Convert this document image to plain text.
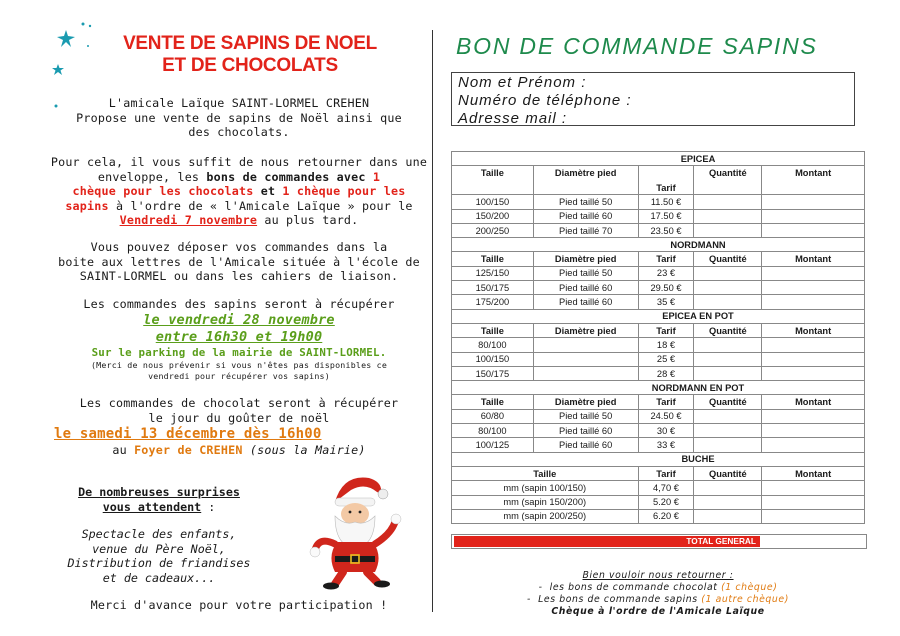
VENTE DE SAPINS DE NOEL
ET DE CHOCOLATS
L'amicale Laïque SAINT-LORMEL CREHEN
Propose une vente de sapins de Noël ainsi que
des chocolats.
Pour cela, il vous suffit de nous retourner dans une
enveloppe, les bons de commandes avec 1
chèque pour les chocolats et 1 chèque pour les
sapins à l'ordre de « l'Amicale Laïque » pour le
Vendredi 7 novembre au plus tard.
Vous pouvez déposer vos commandes dans la
boite aux lettres de l'Amicale située à l'école de
SAINT-LORMEL ou dans les cahiers de liaison.
Les commandes des sapins seront à récupérer
le vendredi 28 novembre
entre 16h30 et 19h00
Sur le parking de la mairie de SAINT-LORMEL.
(Merci de nous prévenir si vous n'êtes pas disponibles ce
vendredi pour récupérer vos sapins)
Les commandes de chocolat seront à récupérer
le jour du goûter de noël
le samedi 13 décembre dès 16h00
au Foyer de CREHEN (sous la Mairie)
De nombreuses surprises
vous attendent :
Spectacle des enfants,
venue du Père Noël,
Distribution de friandises
et de cadeaux...
Merci d'avance pour votre participation !
BON DE COMMANDE SAPINS
Nom et Prénom :
Numéro de téléphone :
Adresse mail :
EPICEA				
Taille	Diamètre pied	Tarif	Quantité	Montant
100/150	Pied taillé 50	11.50 €		
150/200	Pied taillé 60	17.50 €		
200/250	Pied taillé 70	23.50 €		
NORDMANN				
Taille	Diamètre pied	Tarif	Quantité	Montant
125/150	Pied taillé 50	23 €		
150/175	Pied taillé 60	29.50 €		
175/200	Pied taillé 60	35 €		
EPICEA EN POT				
Taille	Diamètre pied	Tarif	Quantité	Montant
80/100		18 €		
100/150		25 €		
150/175		28 €		
NORDMANN EN POT				
Taille	Diamètre pied	Tarif	Quantité	Montant
60/80	Pied taillé 50	24.50 €		
80/100	Pied taillé 60	30 €		
100/125	Pied taillé 60	33 €		
BUCHE				
Taille		Tarif	Quantité	Montant
mm (sapin 100/150)		4,70 €		
mm (sapin 150/200)		5.20 €		
mm (sapin 200/250)		6.20 €		
TOTAL GENERAL
Bien vouloir nous retourner :
-  les bons de commande chocolat (1 chèque)
-  Les bons de commande sapins (1 autre chèque)
Chèque à l'ordre de l'Amicale Laïque
